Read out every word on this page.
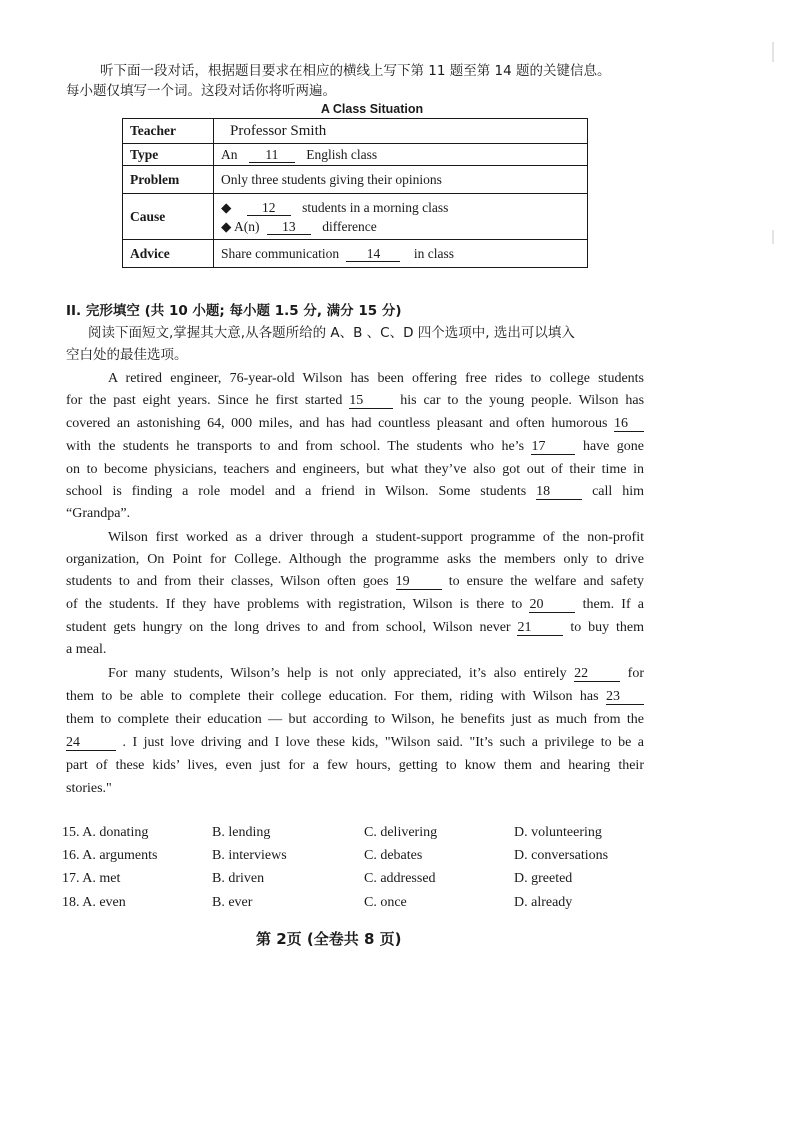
听下面一段对话，根据题目要求在相应的横线上写下第 11 题至第 14 题的关键信息。
每小题仅填写一个词。这段对话你将听两遍。
A Class Situation
Teacher	Professor Smith
Type	An 11 English class
Problem	Only three students giving their opinions
Cause	◆ 12 students in a morning class
◆ A(n) 13 difference

Advice	Share communication 14 in class
II. 完形填空 (共 10 小题; 每小题 1.5 分, 满分 15 分)
阅读下面短文,掌握其大意,从各题所给的 A、B 、C、D 四个选项中, 选出可以填入
空白处的最佳选项。
A retired engineer, 76-year-old Wilson has been offering free rides to college students
for the past eight years. Since he first started 15	his car to the young people. Wilson has
covered an astonishing 64, 000 miles, and has had countless pleasant and often humorous 16
with the students he transports to and from school. The students who he’s 17	have gone
on to become physicians, teachers and engineers, but what they’ve also got out of their time in
school is finding a role model and a friend in Wilson. Some students 18	call him
“Grandpa”.
Wilson first worked as a driver through a student-support programme of the non-profit
organization, On Point for College. Although the programme asks the members only to drive
students to and from their classes, Wilson often goes 19	to ensure the welfare and safety
of the students. If they have problems with registration, Wilson is there to 20	them. If a
student gets hungry on the long drives to and from school, Wilson never 21	to buy them
a meal.
For many students, Wilson’s help is not only appreciated, it’s also entirely 22	for
them to be able to complete their college education. For them, riding with Wilson has 23
them to complete their education — but according to Wilson, he benefits just as much from the
24	. I just love driving and I love these kids, "Wilson said. "It’s such a privilege to be a
part of these kids’ lives, even just for a few hours, getting to know them and hearing their
stories."
15. A. donating	B. lending	C. delivering	D. volunteering
16. A. arguments	B. interviews	C. debates	D. conversations
17. A. met	B. driven	C. addressed	D. greeted
18. A. even	B. ever	C. once	D. already
第 2页 (全卷共 8 页)
